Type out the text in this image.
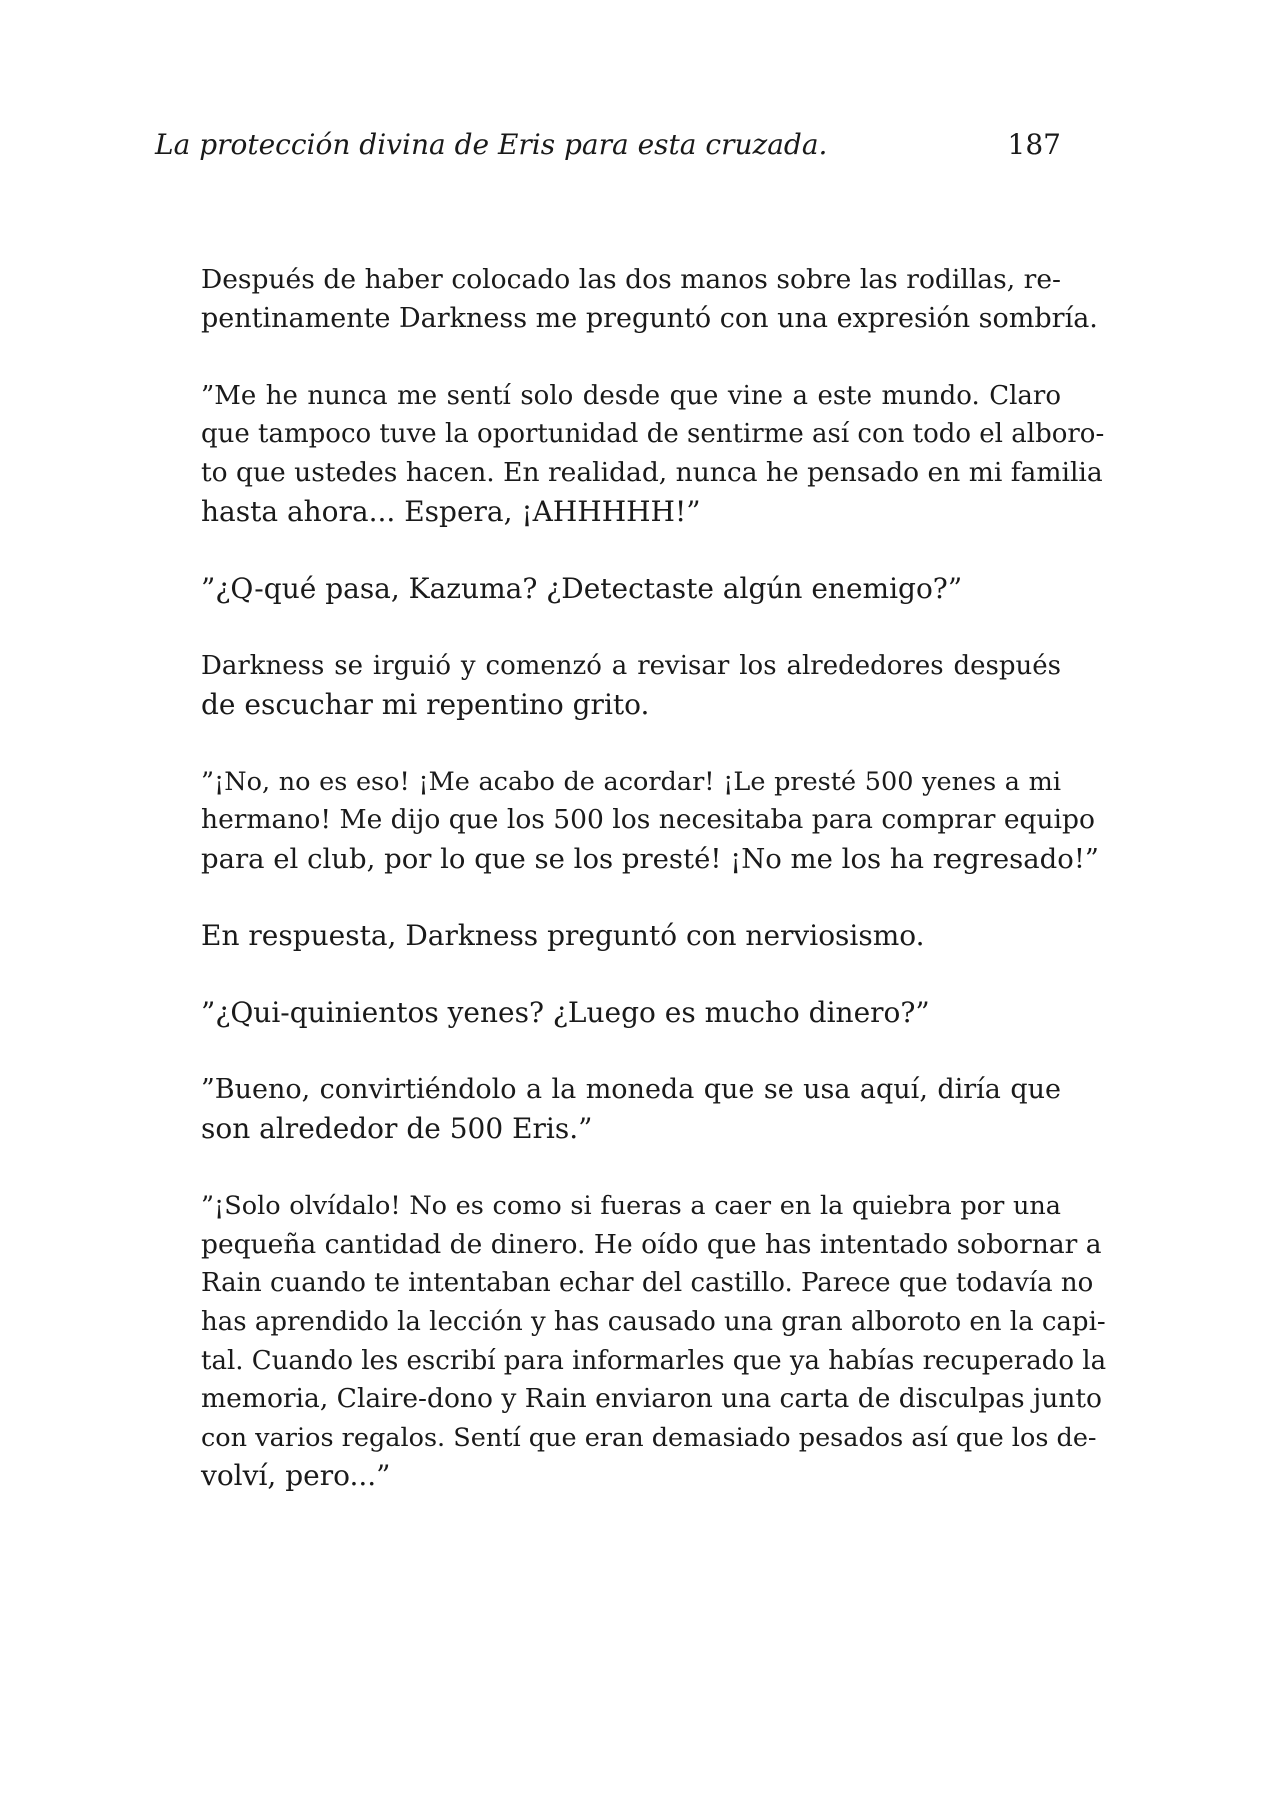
La protección divina de Eris para esta cruzada.	187

Después de haber colocado las dos manos sobre las rodillas, re-
pentinamente Darkness me preguntó con una expresión sombría.

”Me he nunca me sentí solo desde que vine a este mundo. Claro
que tampoco tuve la oportunidad de sentirme así con todo el alboro-
to que ustedes hacen. En realidad, nunca he pensado en mi familia
hasta ahora... Espera, ¡AHHHHH!”

”¿Q-qué pasa, Kazuma? ¿Detectaste algún enemigo?”

Darkness se irguió y comenzó a revisar los alrededores después
de escuchar mi repentino grito.

”¡No, no es eso! ¡Me acabo de acordar! ¡Le presté 500 yenes a mi
hermano! Me dijo que los 500 los necesitaba para comprar equipo
para el club, por lo que se los presté! ¡No me los ha regresado!”

En respuesta, Darkness preguntó con nerviosismo.

”¿Qui-quinientos yenes? ¿Luego es mucho dinero?”

”Bueno, convirtiéndolo a la moneda que se usa aquí, diría que
son alrededor de 500 Eris.”

”¡Solo olvídalo! No es como si fueras a caer en la quiebra por una
pequeña cantidad de dinero. He oído que has intentado sobornar a
Rain cuando te intentaban echar del castillo. Parece que todavía no
has aprendido la lección y has causado una gran alboroto en la capi-
tal. Cuando les escribí para informarles que ya habías recuperado la
memoria, Claire-dono y Rain enviaron una carta de disculpas junto
con varios regalos. Sentí que eran demasiado pesados así que los de-
volví, pero...”
